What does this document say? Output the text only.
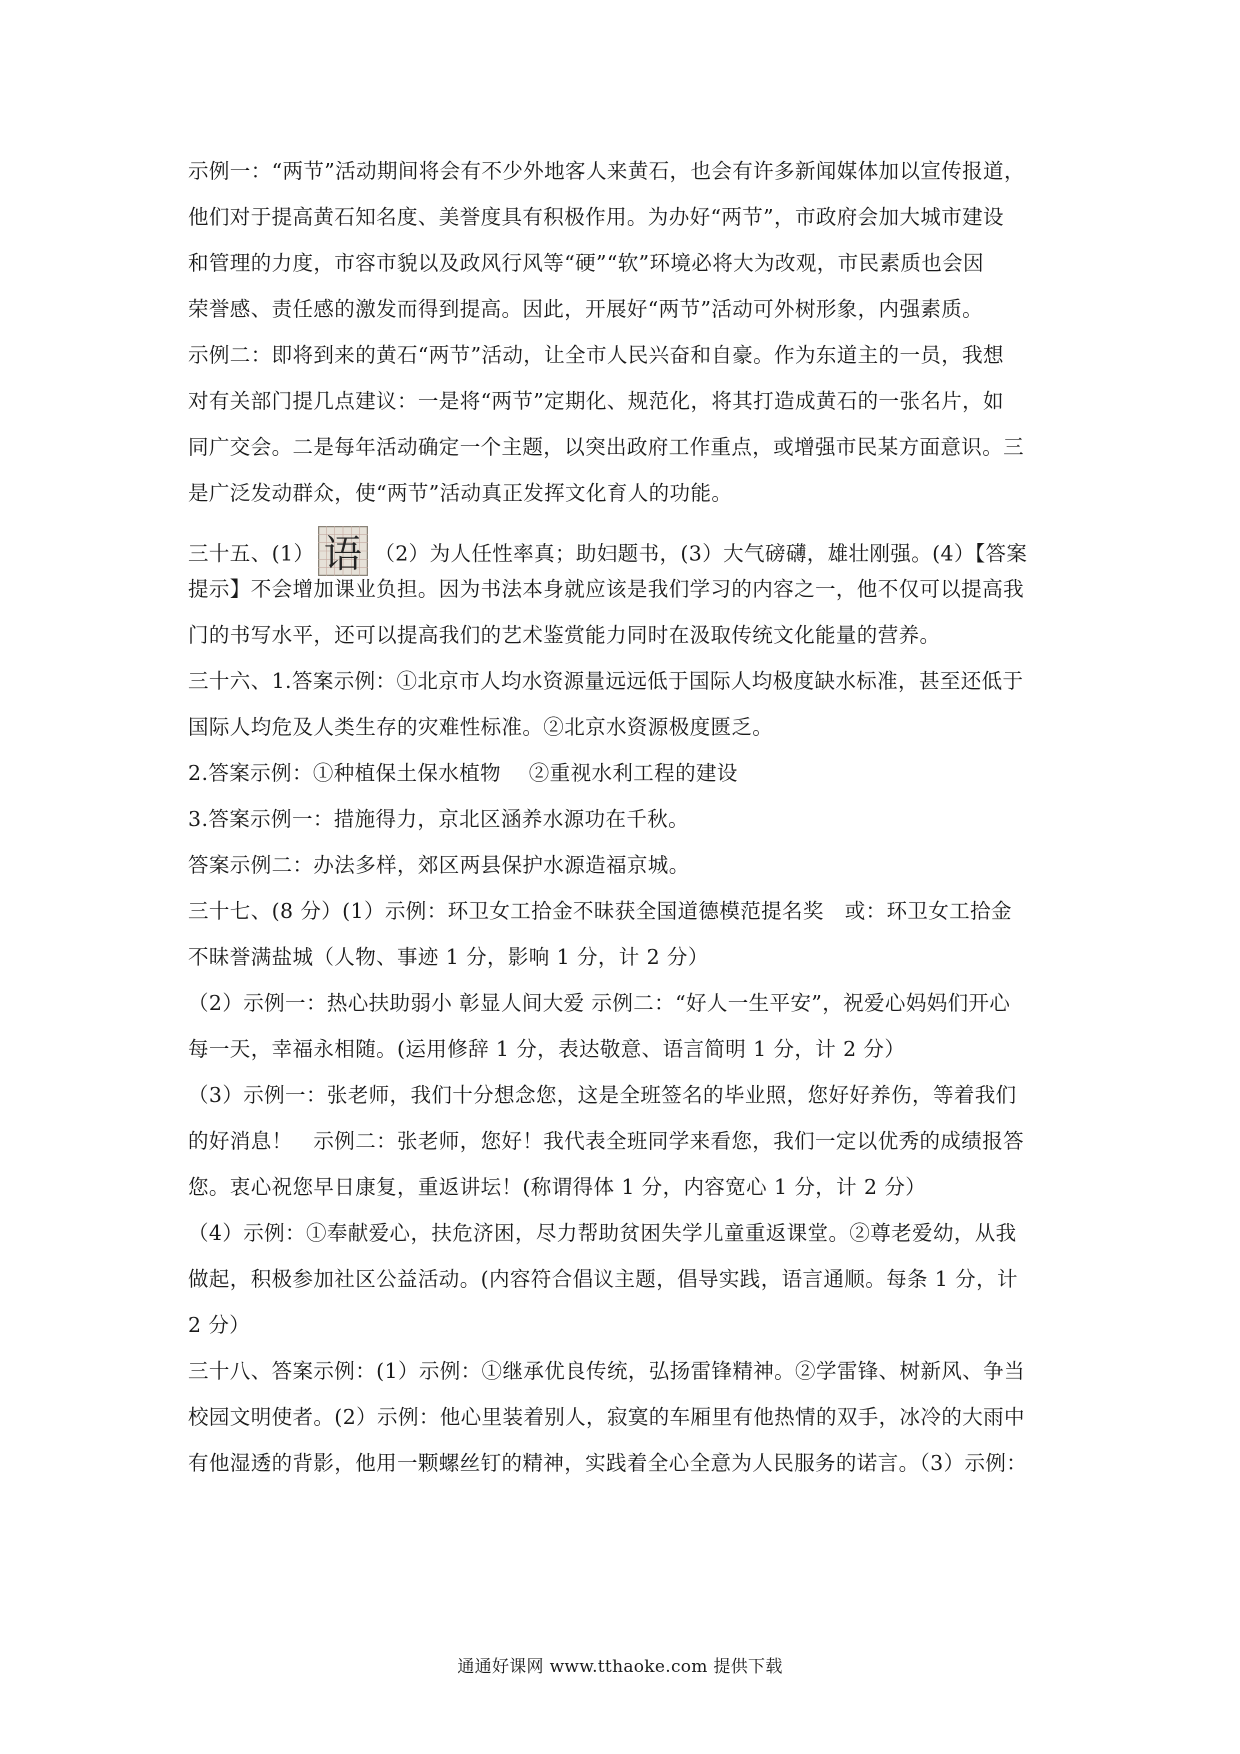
示例一：“两节”活动期间将会有不少外地客人来黄石，也会有许多新闻媒体加以宣传报道，
他们对于提高黄石知名度、美誉度具有积极作用。为办好“两节”，市政府会加大城市建设
和管理的力度，市容市貌以及政风行风等“硬”“软”环境必将大为改观，市民素质也会因
荣誉感、责任感的激发而得到提高。因此，开展好“两节”活动可外树形象，内强素质。
示例二：即将到来的黄石“两节”活动，让全市人民兴奋和自豪。作为东道主的一员，我想
对有关部门提几点建议：一是将“两节”定期化、规范化，将其打造成黄石的一张名片，如
同广交会。二是每年活动确定一个主题，以突出政府工作重点，或增强市民某方面意识。三
是广泛发动群众，使“两节”活动真正发挥文化育人的功能。
三十五、(1） 语 （2）为人任性率真；助妇题书，(3）大气磅礴，雄壮刚强。(4）【答案
提示】不会增加课业负担。因为书法本身就应该是我们学习的内容之一，他不仅可以提高我
门的书写水平，还可以提高我们的艺术鉴赏能力同时在汲取传统文化能量的营养。
三十六、1.答案示例：①北京市人均水资源量远远低于国际人均极度缺水标准，甚至还低于
国际人均危及人类生存的灾难性标准。②北京水资源极度匮乏。
2.答案示例：①种植保土保水植物　 ②重视水利工程的建设
3.答案示例一：措施得力，京北区涵养水源功在千秋。
答案示例二：办法多样，郊区两县保护水源造福京城。
三十七、(8 分）(1）示例：环卫女工拾金不昧获全国道德模范提名奖　或：环卫女工拾金
不昧誉满盐城（人物、事迹 1 分，影响 1 分，计 2 分）
（2）示例一：热心扶助弱小 彰显人间大爱 示例二：“好人一生平安”，祝爱心妈妈们开心
每一天，幸福永相随。(运用修辞 1 分，表达敬意、语言简明 1 分，计 2 分）
（3）示例一：张老师，我们十分想念您，这是全班签名的毕业照，您好好养伤，等着我们
的好消息！　示例二：张老师，您好！我代表全班同学来看您，我们一定以优秀的成绩报答
您。衷心祝您早日康复，重返讲坛！(称谓得体 1 分，内容宽心 1 分，计 2 分）
（4）示例：①奉献爱心，扶危济困，尽力帮助贫困失学儿童重返课堂。②尊老爱幼，从我
做起，积极参加社区公益活动。(内容符合倡议主题，倡导实践，语言通顺。每条 1 分，计
2 分）
三十八、答案示例：(1）示例：①继承优良传统，弘扬雷锋精神。②学雷锋、树新风、争当
校园文明使者。(2）示例：他心里装着别人，寂寞的车厢里有他热情的双手，冰冷的大雨中
有他湿透的背影，他用一颗螺丝钉的精神，实践着全心全意为人民服务的诺言。（3）示例：
通通好课网 www.tthaoke.com 提供下载
